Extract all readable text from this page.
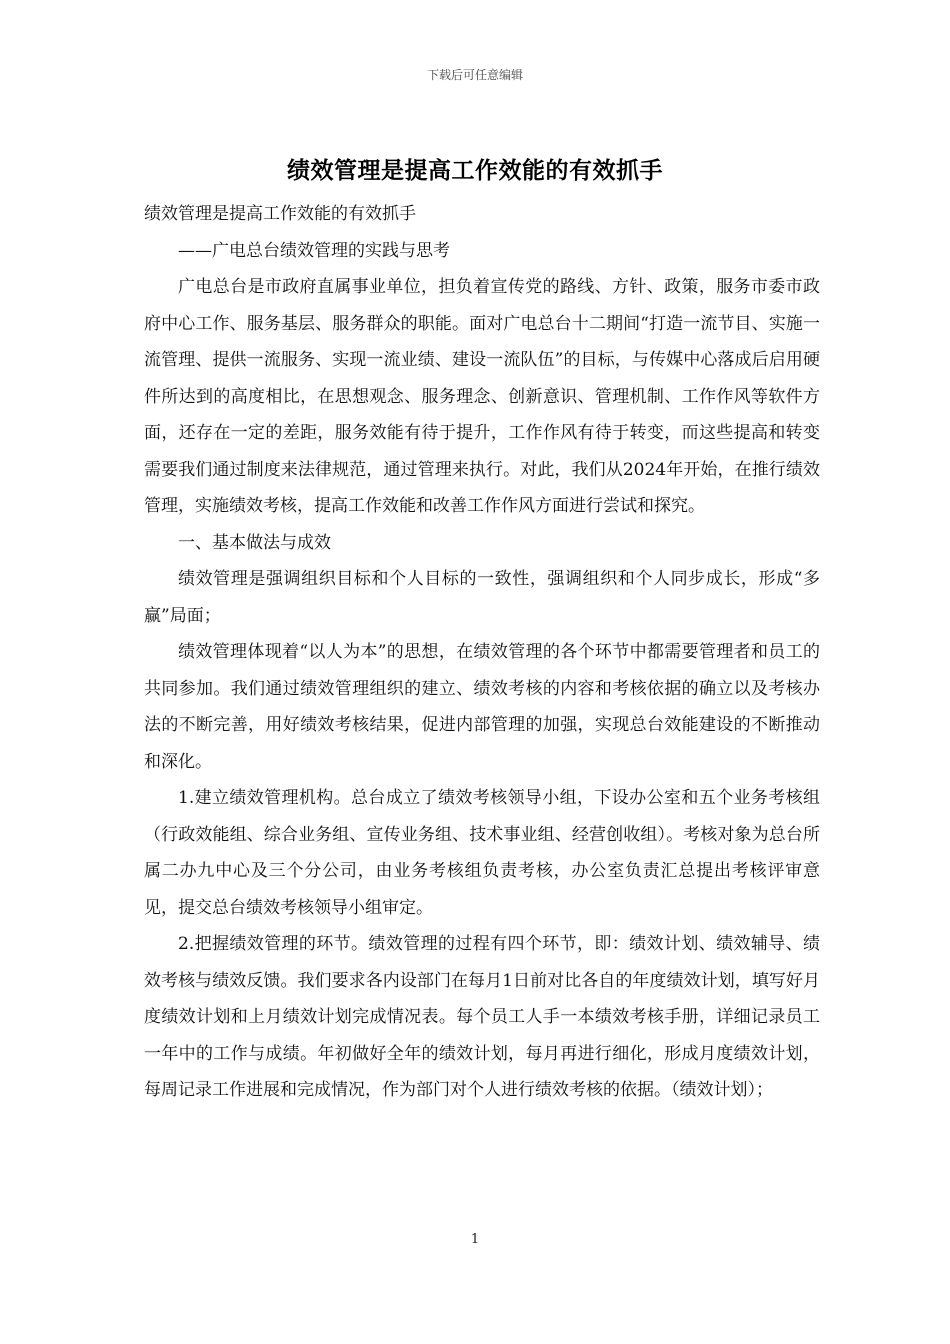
下载后可任意编辑
绩效管理是提高工作效能的有效抓手

绩效管理是提高工作效能的有效抓手

——广电总台绩效管理的实践与思考

广电总台是市政府直属事业单位，担负着宣传党的路线、方针、政策，服务市委市政府中心工作、服务基层、服务群众的职能。面对广电总台十二期间“打造一流节目、实施一流管理、提供一流服务、实现一流业绩、建设一流队伍”的目标，与传媒中心落成后启用硬件所达到的高度相比，在思想观念、服务理念、创新意识、管理机制、工作作风等软件方面，还存在一定的差距，服务效能有待于提升，工作作风有待于转变，而这些提高和转变需要我们通过制度来法律规范，通过管理来执行。对此，我们从2024年开始，在推行绩效管理，实施绩效考核，提高工作效能和改善工作作风方面进行尝试和探究。

一、基本做法与成效

绩效管理是强调组织目标和个人目标的一致性，强调组织和个人同步成长，形成“多赢”局面；

绩效管理体现着“以人为本”的思想，在绩效管理的各个环节中都需要管理者和员工的共同参加。我们通过绩效管理组织的建立、绩效考核的内容和考核依据的确立以及考核办法的不断完善，用好绩效考核结果，促进内部管理的加强，实现总台效能建设的不断推动和深化。

1.建立绩效管理机构。总台成立了绩效考核领导小组，下设办公室和五个业务考核组（行政效能组、综合业务组、宣传业务组、技术事业组、经营创收组）。考核对象为总台所属二办九中心及三个分公司，由业务考核组负责考核，办公室负责汇总提出考核评审意见，提交总台绩效考核领导小组审定。

2.把握绩效管理的环节。绩效管理的过程有四个环节，即：绩效计划、绩效辅导、绩效考核与绩效反馈。我们要求各内设部门在每月1日前对比各自的年度绩效计划，填写好月度绩效计划和上月绩效计划完成情况表。每个员工人手一本绩效考核手册，详细记录员工一年中的工作与成绩。年初做好全年的绩效计划，每月再进行细化，形成月度绩效计划，每周记录工作进展和完成情况，作为部门对个人进行绩效考核的依据。（绩效计划）；

1
